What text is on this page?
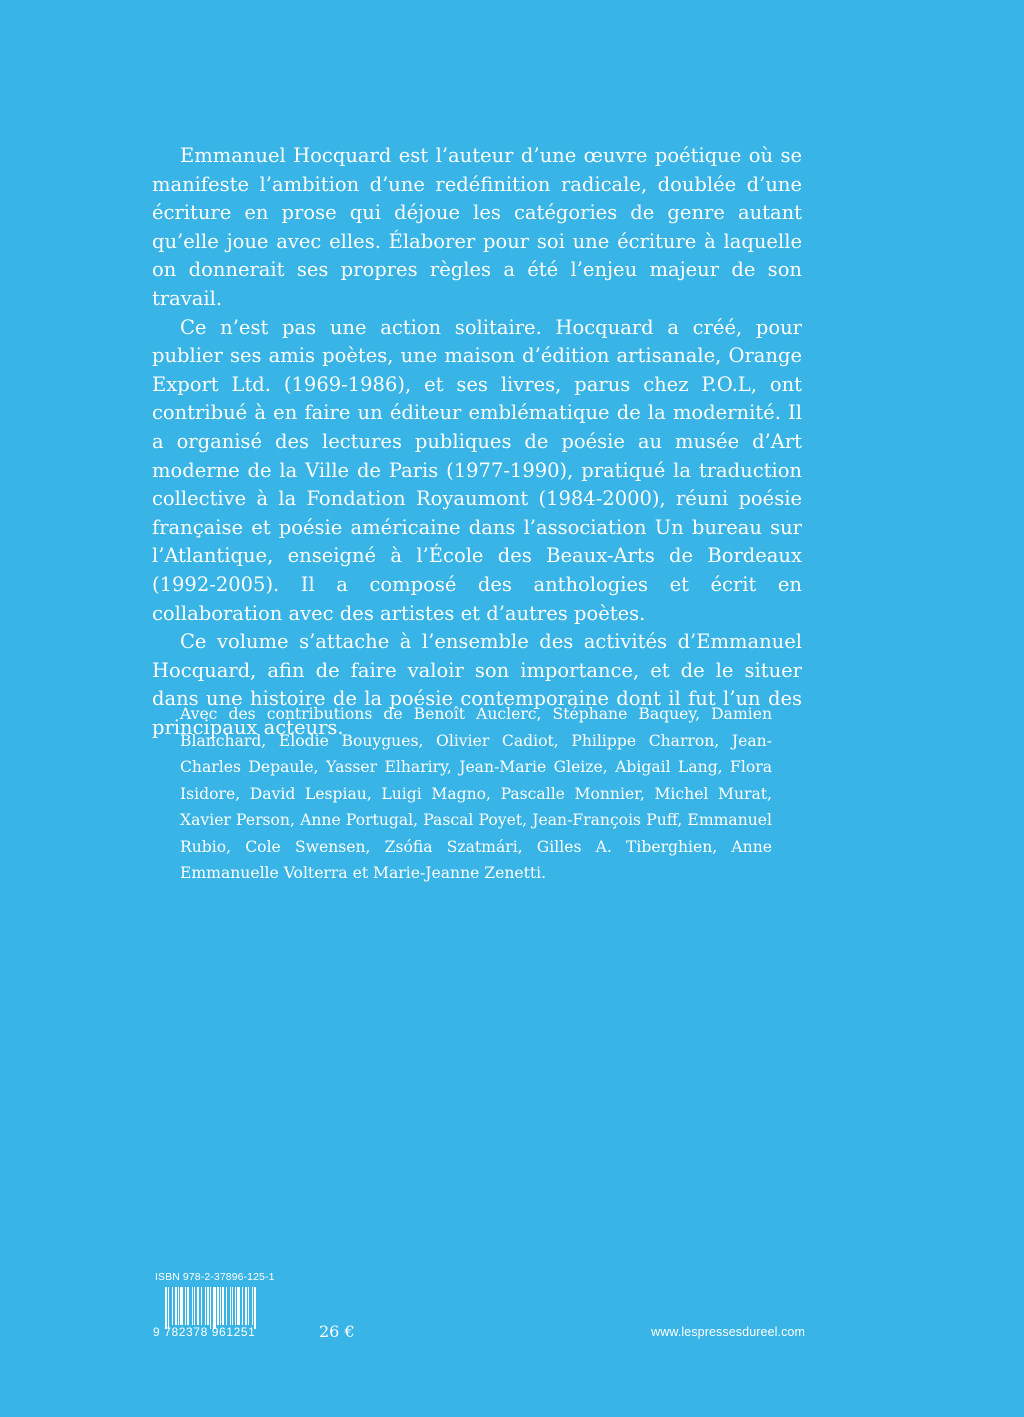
Emmanuel Hocquard est l’auteur d’une œuvre poétique où se manifeste l’ambition d’une redéfinition radicale, doublée d’une écriture en prose qui déjoue les catégories de genre autant qu’elle joue avec elles. Élaborer pour soi une écriture à laquelle on donnerait ses propres règles a été l’enjeu majeur de son travail.

Ce n’est pas une action solitaire. Hocquard a créé, pour publier ses amis poètes, une maison d’édition artisanale, Orange Export Ltd. (1969-1986), et ses livres, parus chez P.O.L, ont contribué à en faire un éditeur emblématique de la modernité. Il a organisé des lectures publiques de poésie au musée d’Art moderne de la Ville de Paris (1977-1990), pratiqué la traduction collective à la Fondation Royaumont (1984-2000), réuni poésie française et poésie américaine dans l’association Un bureau sur l’Atlantique, enseigné à l’École des Beaux-Arts de Bordeaux (1992-2005). Il a composé des anthologies et écrit en collaboration avec des artistes et d’autres poètes.

Ce volume s’attache à l’ensemble des activités d’Emmanuel Hocquard, afin de faire valoir son importance, et de le situer dans une histoire de la poésie contemporaine dont il fut l’un des principaux acteurs.

Avec des contributions de Benoît Auclerc, Stéphane Baquey, Damien Blanchard, Elodie Bouygues, Olivier Cadiot, Philippe Charron, Jean-Charles Depaule, Yasser Elhariry, Jean-Marie Gleize, Abigail Lang, Flora Isidore, David Lespiau, Luigi Magno, Pascalle Monnier, Michel Murat, Xavier Person, Anne Portugal, Pascal Poyet, Jean-François Puff, Emmanuel Rubio, Cole Swensen, Zsófia Szatmári, Gilles A. Tiberghien, Anne Emmanuelle Volterra et Marie-Jeanne Zenetti.

ISBN 978-2-37896-125-1
9 782378 961251	26 €	www.lespressesdureel.com
